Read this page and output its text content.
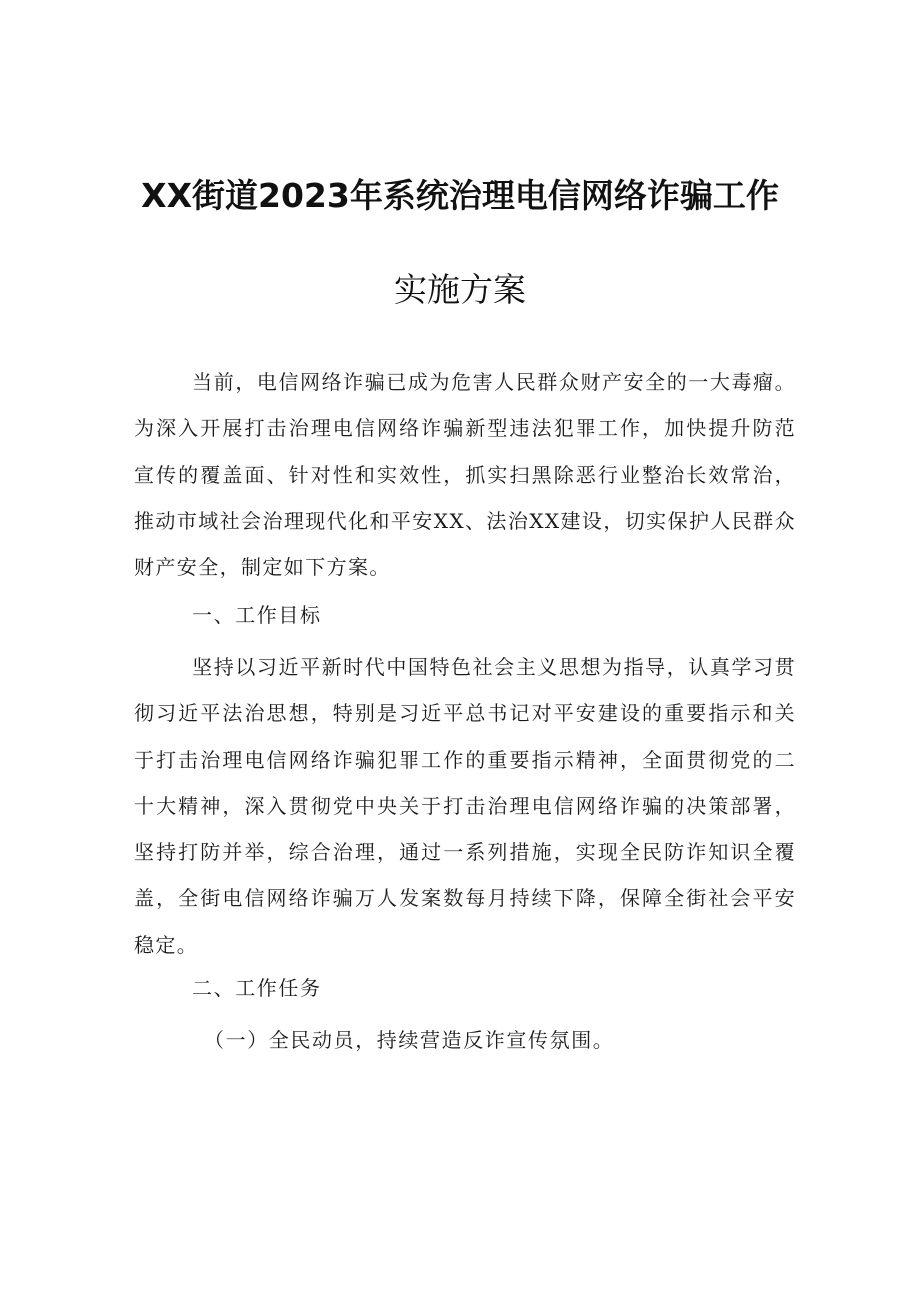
XX街道2023年系统治理电信网络诈骗工作
实施方案
当前，电信网络诈骗已成为危害人民群众财产安全的一大毒瘤。为深入开展打击治理电信网络诈骗新型违法犯罪工作，加快提升防范宣传的覆盖面、针对性和实效性，抓实扫黑除恶行业整治长效常治，推动市域社会治理现代化和平安XX、法治XX建设，切实保护人民群众财产安全，制定如下方案。
一、工作目标
坚持以习近平新时代中国特色社会主义思想为指导，认真学习贯彻习近平法治思想，特别是习近平总书记对平安建设的重要指示和关于打击治理电信网络诈骗犯罪工作的重要指示精神，全面贯彻党的二十大精神，深入贯彻党中央关于打击治理电信网络诈骗的决策部署，坚持打防并举，综合治理，通过一系列措施，实现全民防诈知识全覆盖，全街电信网络诈骗万人发案数每月持续下降，保障全街社会平安稳定。
二、工作任务
（一）全民动员，持续营造反诈宣传氛围。
